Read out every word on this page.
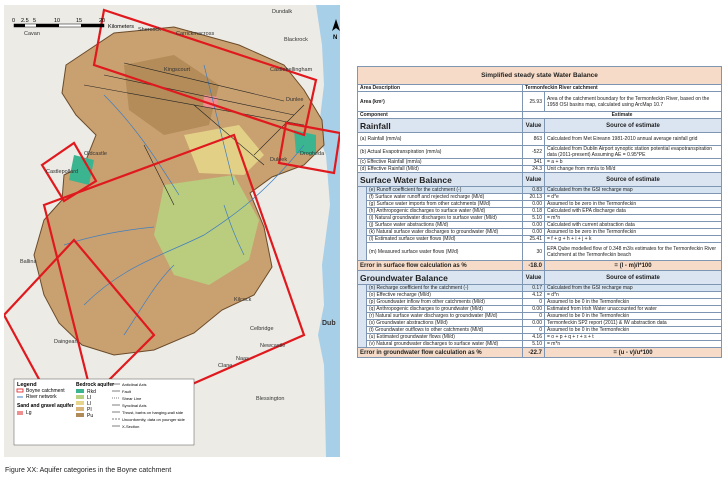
Dundalk
Carrickmacross
Blackrock
Shercock
Kingscourt	Castlebellingham
Dunlee
Oldcastle
Castlepollard
Drogheda
Duleek
Ballina
Kilcock
Celbridge
Dub
Naas
Newcastle
Clane
Daingean
Blessington
Cavan
0 2.5 5	10	15	20
Kilometers
N
Legend
Boyne catchment
River network
Sand and gravel aquifer
Lg
Bedrock aquifer
Rkd
LI
Ll
PI
Pu
Anticlinal Axis
Fault
Shear Line
Synclinal Axis
Thrust, barbs on hanging-wall side
Unconformity, data on younger side
X-Section
Figure XX: Aquifer categories in the Boyne catchment
Simplified steady state Water Balance			
Area Description		Termonfeckin River catchment	
Area (km²)		25.93	Area of the catchment boundary for the Termonfeckin River, based on the 1958 OSI basins map, calculated using ArcMap 10.7
Component		Estimate	
Rainfall		Value	Source of estimate
(a) Rainfall (mm/a)		863	Calculated from Met Eireann 1981-2010 annual average rainfall grid
(b) Actual Evapotranspiration (mm/a)		-522	Calculated from Dublin Airport synoptic station potential evapotranspiration data (2011-present) Assuming AE = 0.95*PE
(c) Effective Rainfall (mm/a)		341	= a + b
(d) Effective Rainfall (Ml/d)		24.3	Unit change from mm/a to Ml/d
Surface Water Balance		Value	Source of estimate
	(e) Runoff coefficient for the catchment (-)	0.83	Calculated from the GSI recharge map
	(f) Surface water runoff and rejected recharge (Ml/d)	20.13	= d*e
	(g) Surface water imports from other catchments (Ml/d)	0.00	Assumed to be zero in the Termonfeckin
	(h) Anthropogenic discharges to surface water (Ml/d)	0.18	Calculated with EPA discharge data
	(i) Natural groundwater discharges to surface water (Ml/d)	5.10	= m*n
	(j) Surface water abstractions (Ml/d)	0.00	Calculated with current abstraction data
	(k) Natural surface water discharges to groundwater (Ml/d)	0.00	Assumed to be zero in the Termonfeckin
	(l) Estimated surface water flows (Ml/d)	25.41	= f + g + h + i + j + k
	(m) Measured surface water flows (Ml/d)	30	EPA Qube modelled flow of 0.348 m3/s estimates for the Termonfeckin River Catchment at the Termonfeckin beach
Error in surface flow calculation as %		-18.0	= (l - m)/l*100
Groundwater Balance		Value	Source of estimate
	(n) Recharge coefficient for the catchment (-)	0.17	Calculated from the GSI recharge map
	(o) Effective recharge (Ml/d)	4.12	= d*n
	(p) Groundwater inflow from other catchments (Ml/d)	0	Assumed to be 0 in the Termonfeckin
	(q) Anthropogenic discharges to groundwater (Ml/d)	0.00	Estimated from Irish Water unaccounted for water
	(r) Natural surface water discharges to groundwater (Ml/d)	0	Assumed to be 0 in the Termonfeckin
	(s) Groundwater abstractions (Ml/d)	0.00	Termonfeckin SP2 report (2011) & IW abstraction data
	(t) Groundwater outflows to other catchments (Ml/d)	0	Assumed to be 0 in the Termonfeckin
	(u) Estimated groundwater flows (Ml/d)	4.16	= o + p + q + r + s + t
	(v) Natural groundwater discharges to surface water (Ml/d)	5.10	= m*n
Error in groundwater flow calculation as %		-22.7	= (u - v)/u*100
